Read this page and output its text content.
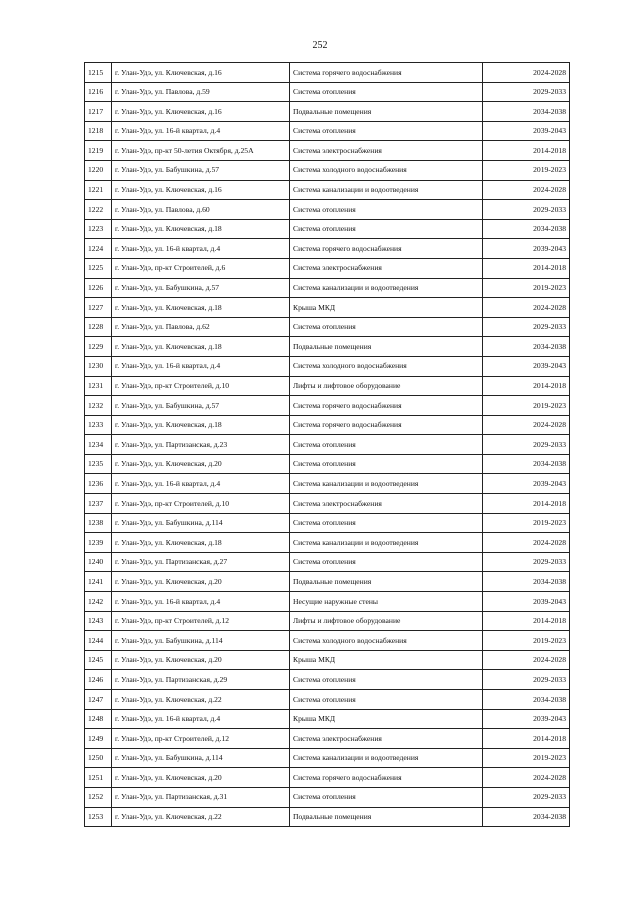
252
1215	г. Улан-Удэ, ул. Ключевская, д.16	Система горячего водоснабжения	2024-2028
1216	г. Улан-Удэ, ул. Павлова, д.59	Система отопления	2029-2033
1217	г. Улан-Удэ, ул. Ключевская, д.16	Подвальные помещения	2034-2038
1218	г. Улан-Удэ, ул. 16-й квартал, д.4	Система отопления	2039-2043
1219	г. Улан-Удэ, пр-кт 50-летия Октября, д.25А	Система электроснабжения	2014-2018
1220	г. Улан-Удэ, ул. Бабушкина, д.57	Система холодного водоснабжения	2019-2023
1221	г. Улан-Удэ, ул. Ключевская, д.16	Система канализации и водоотведения	2024-2028
1222	г. Улан-Удэ, ул. Павлова, д.60	Система отопления	2029-2033
1223	г. Улан-Удэ, ул. Ключевская, д.18	Система отопления	2034-2038
1224	г. Улан-Удэ, ул. 16-й квартал, д.4	Система горячего водоснабжения	2039-2043
1225	г. Улан-Удэ, пр-кт Строителей, д.6	Система электроснабжения	2014-2018
1226	г. Улан-Удэ, ул. Бабушкина, д.57	Система канализации и водоотведения	2019-2023
1227	г. Улан-Удэ, ул. Ключевская, д.18	Крыша МКД	2024-2028
1228	г. Улан-Удэ, ул. Павлова, д.62	Система отопления	2029-2033
1229	г. Улан-Удэ, ул. Ключевская, д.18	Подвальные помещения	2034-2038
1230	г. Улан-Удэ, ул. 16-й квартал, д.4	Система холодного водоснабжения	2039-2043
1231	г. Улан-Удэ, пр-кт Строителей, д.10	Лифты и лифтовое оборудование	2014-2018
1232	г. Улан-Удэ, ул. Бабушкина, д.57	Система горячего водоснабжения	2019-2023
1233	г. Улан-Удэ, ул. Ключевская, д.18	Система горячего водоснабжения	2024-2028
1234	г. Улан-Удэ, ул. Партизанская, д.23	Система отопления	2029-2033
1235	г. Улан-Удэ, ул. Ключевская, д.20	Система отопления	2034-2038
1236	г. Улан-Удэ, ул. 16-й квартал, д.4	Система канализации и водоотведения	2039-2043
1237	г. Улан-Удэ, пр-кт Строителей, д.10	Система электроснабжения	2014-2018
1238	г. Улан-Удэ, ул. Бабушкина, д.114	Система отопления	2019-2023
1239	г. Улан-Удэ, ул. Ключевская, д.18	Система канализации и водоотведения	2024-2028
1240	г. Улан-Удэ, ул. Партизанская, д.27	Система отопления	2029-2033
1241	г. Улан-Удэ, ул. Ключевская, д.20	Подвальные помещения	2034-2038
1242	г. Улан-Удэ, ул. 16-й квартал, д.4	Несущие наружные стены	2039-2043
1243	г. Улан-Удэ, пр-кт Строителей, д.12	Лифты и лифтовое оборудование	2014-2018
1244	г. Улан-Удэ, ул. Бабушкина, д.114	Система холодного водоснабжения	2019-2023
1245	г. Улан-Удэ, ул. Ключевская, д.20	Крыша МКД	2024-2028
1246	г. Улан-Удэ, ул. Партизанская, д.29	Система отопления	2029-2033
1247	г. Улан-Удэ, ул. Ключевская, д.22	Система отопления	2034-2038
1248	г. Улан-Удэ, ул. 16-й квартал, д.4	Крыша МКД	2039-2043
1249	г. Улан-Удэ, пр-кт Строителей, д.12	Система электроснабжения	2014-2018
1250	г. Улан-Удэ, ул. Бабушкина, д.114	Система канализации и водоотведения	2019-2023
1251	г. Улан-Удэ, ул. Ключевская, д.20	Система горячего водоснабжения	2024-2028
1252	г. Улан-Удэ, ул. Партизанская, д.31	Система отопления	2029-2033
1253	г. Улан-Удэ, ул. Ключевская, д.22	Подвальные помещения	2034-2038
